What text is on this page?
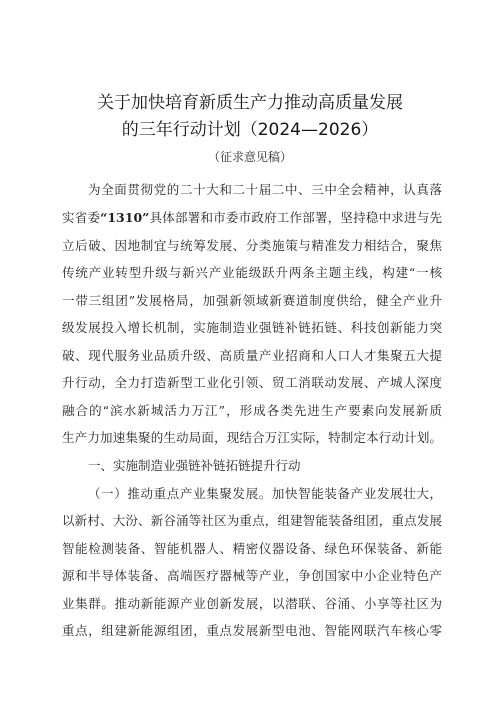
关于加快培育新质生产力推动高质量发展
的三年行动计划（2024—2026）
（征求意见稿）
为全面贯彻党的二十大和二十届二中、三中全会精神，认真落
实省委“1310”具体部署和市委市政府工作部署，坚持稳中求进与先
立后破、因地制宜与统筹发展、分类施策与精准发力相结合，聚焦
传统产业转型升级与新兴产业能级跃升两条主题主线，构建“一核
一带三组团”发展格局，加强新领域新赛道制度供给，健全产业升
级发展投入增长机制，实施制造业强链补链拓链、科技创新能力突
破、现代服务业品质升级、高质量产业招商和人口人才集聚五大提
升行动，全力打造新型工业化引领、贸工消联动发展、产城人深度
融合的“滨水新城活力万江”，形成各类先进生产要素向发展新质
生产力加速集聚的生动局面，现结合万江实际，特制定本行动计划。
一、实施制造业强链补链拓链提升行动
（一）推动重点产业集聚发展。加快智能装备产业发展壮大，
以新村、大汾、新谷涌等社区为重点，组建智能装备组团，重点发展
智能检测装备、智能机器人、精密仪器设备、绿色环保装备、新能
源和半导体装备、高端医疗器械等产业，争创国家中小企业特色产
业集群。推动新能源产业创新发展，以潜联、谷涌、小享等社区为
重点，组建新能源组团，重点发展新型电池、智能网联汽车核心零
